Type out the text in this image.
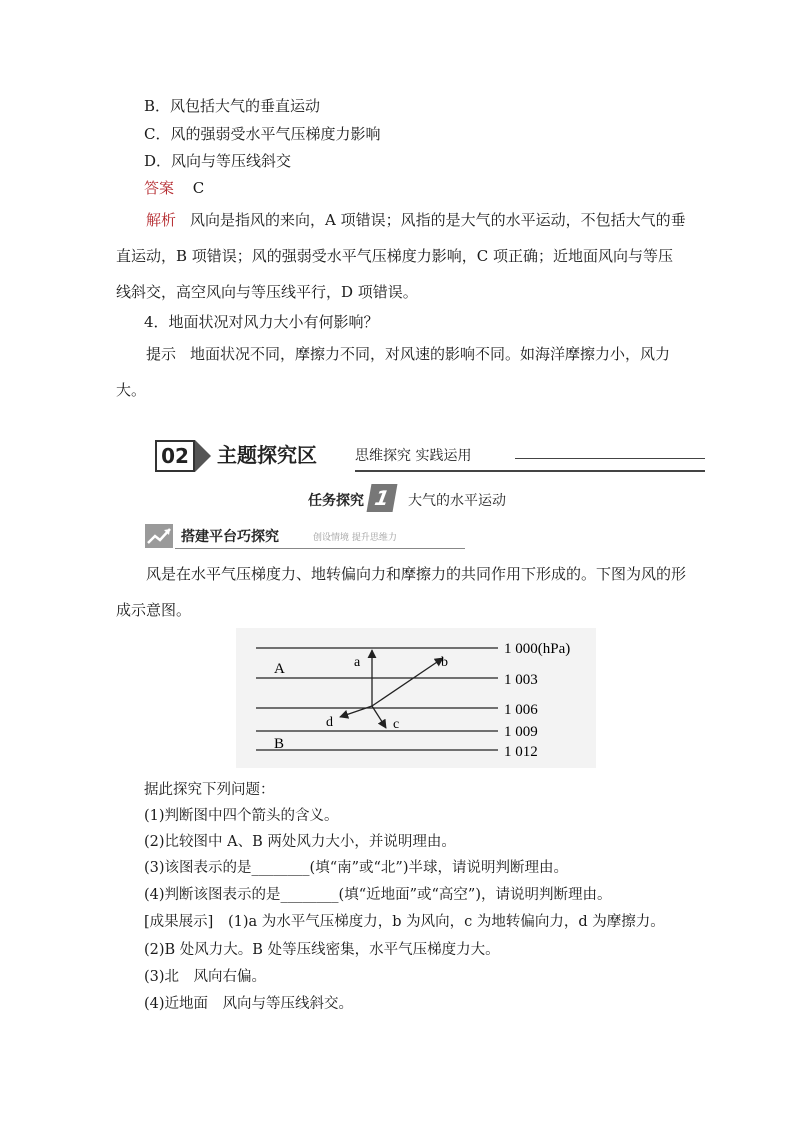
B．风包括大气的垂直运动
C．风的强弱受水平气压梯度力影响
D．风向与等压线斜交
答案 C
解析 风向是指风的来向，A 项错误；风指的是大气的水平运动，不包括大气的垂直运动，B 项错误；风的强弱受水平气压梯度力影响，C 项正确；近地面风向与等压线斜交，高空风向与等压线平行，D 项错误。
4．地面状况对风力大小有何影响？
提示 地面状况不同，摩擦力不同，对风速的影响不同。如海洋摩擦力小，风力大。
02	主题探究区	思维探究 实践运用
任务探究 1	大气的水平运动
搭建平台巧探究	创设情境 提升思维力
风是在水平气压梯度力、地转偏向力和摩擦力的共同作用下形成的。下图为风的形成示意图。
1 000(hPa)
1 003
1 006
1 009
1 012
A
B
a	b
c
d
据此探究下列问题：
(1)判断图中四个箭头的含义。
(2)比较图中 A、B 两处风力大小，并说明理由。
(3)该图表示的是________(填“南”或“北”)半球，请说明判断理由。
(4)判断该图表示的是________(填“近地面”或“高空”)，请说明判断理由。
[成果展示] (1)a 为水平气压梯度力，b 为风向，c 为地转偏向力，d 为摩擦力。
(2)B 处风力大。B 处等压线密集，水平气压梯度力大。
(3)北　风向右偏。
(4)近地面　风向与等压线斜交。
